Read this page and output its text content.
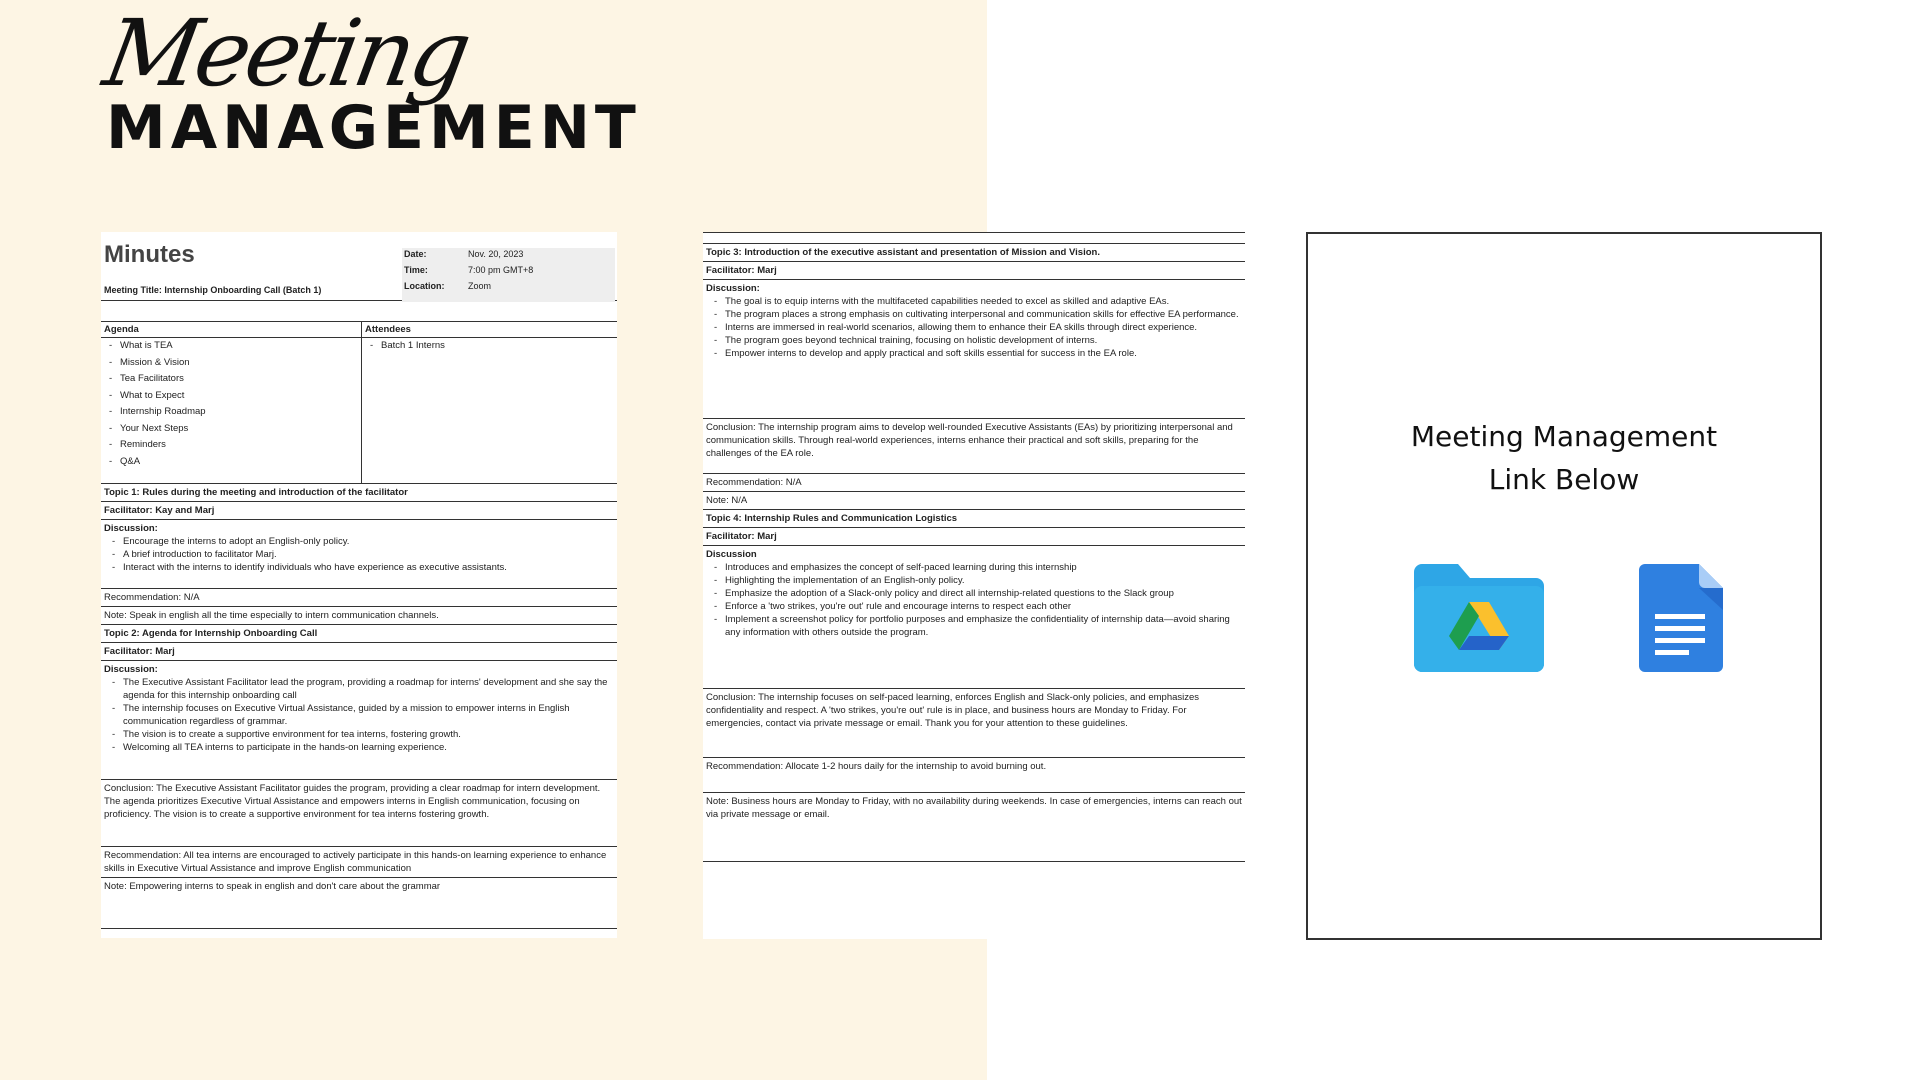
Meeting
MANAGEMENT
Minutes
Meeting Title: Internship Onboarding Call (Batch 1)
Date:	Nov. 20, 2023
Time:	7:00 pm GMT+8
Location:	Zoom
Agenda
- What is TEA
- Mission & Vision
- Tea Facilitators
- What to Expect
- Internship Roadmap
- Your Next Steps
- Reminders
- Q&A
Attendees
- Batch 1 Interns
Topic 1: Rules during the meeting and introduction of the facilitator
Facilitator: Kay and Marj
Discussion:
- Encourage the interns to adopt an English-only policy.
- A brief introduction to facilitator Marj.
- Interact with the interns to identify individuals who have experience as executive assistants.
Recommendation: N/A
Note: Speak in english all the time especially to intern communication channels.
Topic 2: Agenda for Internship Onboarding Call
Facilitator: Marj
Discussion:
- The Executive Assistant Facilitator lead the program, providing a roadmap for interns' development and she say the agenda for this internship onboarding call
- The internship focuses on Executive Virtual Assistance, guided by a mission to empower interns in English communication regardless of grammar.
- The vision is to create a supportive environment for tea interns, fostering growth.
- Welcoming all TEA interns to participate in the hands-on learning experience.
Conclusion: The Executive Assistant Facilitator guides the program, providing a clear roadmap for intern development. The agenda prioritizes Executive Virtual Assistance and empowers interns in English communication, focusing on proficiency. The vision is to create a supportive environment for tea interns fostering growth.
Recommendation: All tea interns are encouraged to actively participate in this hands-on learning experience to enhance skills in Executive Virtual Assistance and improve English communication
Note: Empowering interns to speak in english and don't care about the grammar
Topic 3: Introduction of the executive assistant and presentation of Mission and Vision.
Facilitator: Marj
Discussion:
- The goal is to equip interns with the multifaceted capabilities needed to excel as skilled and adaptive EAs.
- The program places a strong emphasis on cultivating interpersonal and communication skills for effective EA performance.
- Interns are immersed in real-world scenarios, allowing them to enhance their EA skills through direct experience.
- The program goes beyond technical training, focusing on holistic development of interns.
- Empower interns to develop and apply practical and soft skills essential for success in the EA role.
Conclusion: The internship program aims to develop well-rounded Executive Assistants (EAs) by prioritizing interpersonal and communication skills. Through real-world experiences, interns enhance their practical and soft skills, preparing for the challenges of the EA role.
Recommendation: N/A
Note: N/A
Topic 4: Internship Rules and Communication Logistics
Facilitator: Marj
Discussion
- Introduces and emphasizes the concept of self-paced learning during this internship
- Highlighting the implementation of an English-only policy.
- Emphasize the adoption of a Slack-only policy and direct all internship-related questions to the Slack group
- Enforce a 'two strikes, you're out' rule and encourage interns to respect each other
- Implement a screenshot policy for portfolio purposes and emphasize the confidentiality of internship data—avoid sharing any information with others outside the program.
Conclusion: The internship focuses on self-paced learning, enforces English and Slack-only policies, and emphasizes confidentiality and respect. A 'two strikes, you're out' rule is in place, and business hours are Monday to Friday. For emergencies, contact via private message or email. Thank you for your attention to these guidelines.
Recommendation: Allocate 1-2 hours daily for the internship to avoid burning out.
Note: Business hours are Monday to Friday, with no availability during weekends. In case of emergencies, interns can reach out via private message or email.
Meeting Management
Link Below
